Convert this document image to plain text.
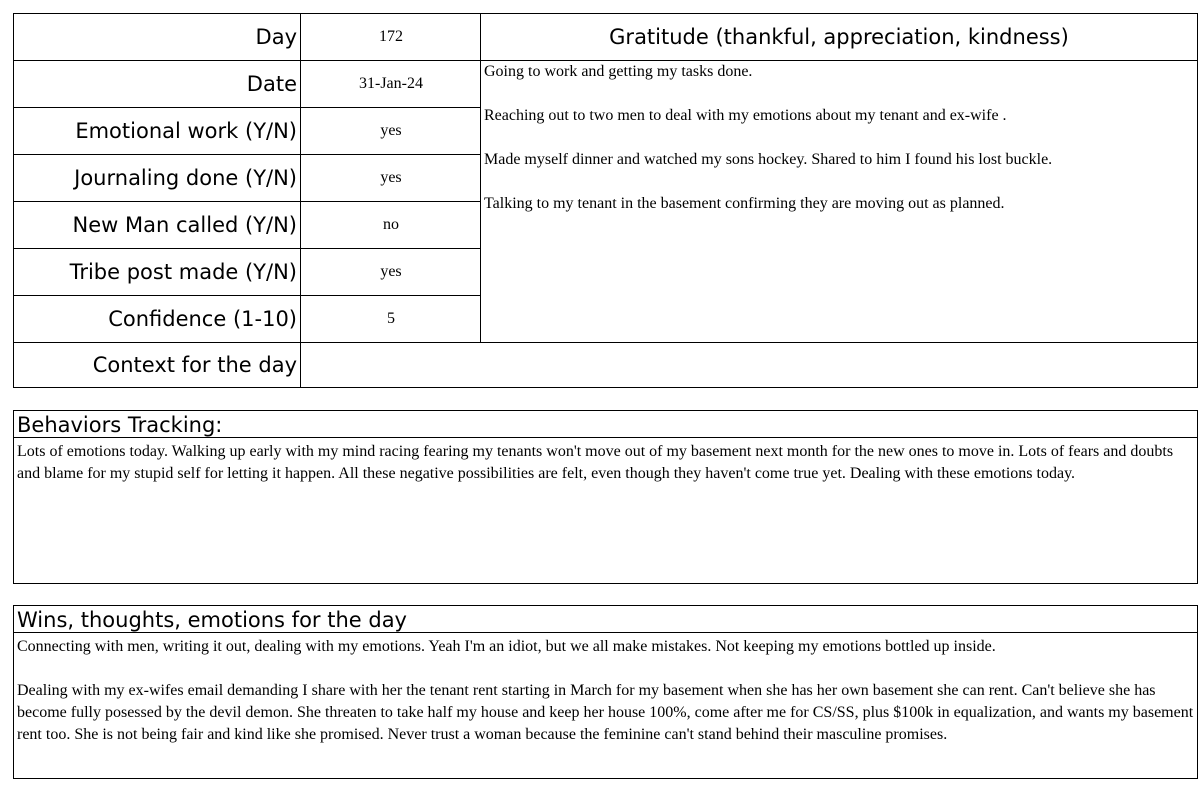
Day	172
Date	31-Jan-24
Emotional work (Y/N)	yes
Journaling done (Y/N)	yes
New Man called (Y/N)	no
Tribe post made (Y/N)	yes
Confidence (1-10)	5
Gratitude (thankful, appreciation, kindness)
Going to work and getting my tasks done.
Reaching out to two men to deal with my emotions about my tenant and ex-wife .
Made myself dinner and watched my sons hockey. Shared to him I found his lost buckle.
Talking to my tenant in the basement confirming they are moving out as planned.
Context for the day
Behaviors Tracking:
Lots of emotions today. Walking up early with my mind racing fearing my tenants won't move out of my basement next month for the new ones to move in. Lots of fears and doubts and blame for my stupid self for letting it happen. All these negative possibilities are felt, even though they haven't come true yet. Dealing with these emotions today.
Wins, thoughts, emotions for the day

Connecting with men, writing it out, dealing with my emotions. Yeah I'm an idiot, but we all make mistakes. Not keeping my emotions bottled up inside.

Dealing with my ex-wifes email demanding I share with her the tenant rent starting in March for my basement when she has her own basement she can rent. Can't believe she has become fully posessed by the devil demon. She threaten to take half my house and keep her house 100%, come after me for CS/SS, plus $100k in equalization, and wants my basement rent too. She is not being fair and kind like she promised. Never trust a woman because the feminine can't stand behind their masculine promises.
